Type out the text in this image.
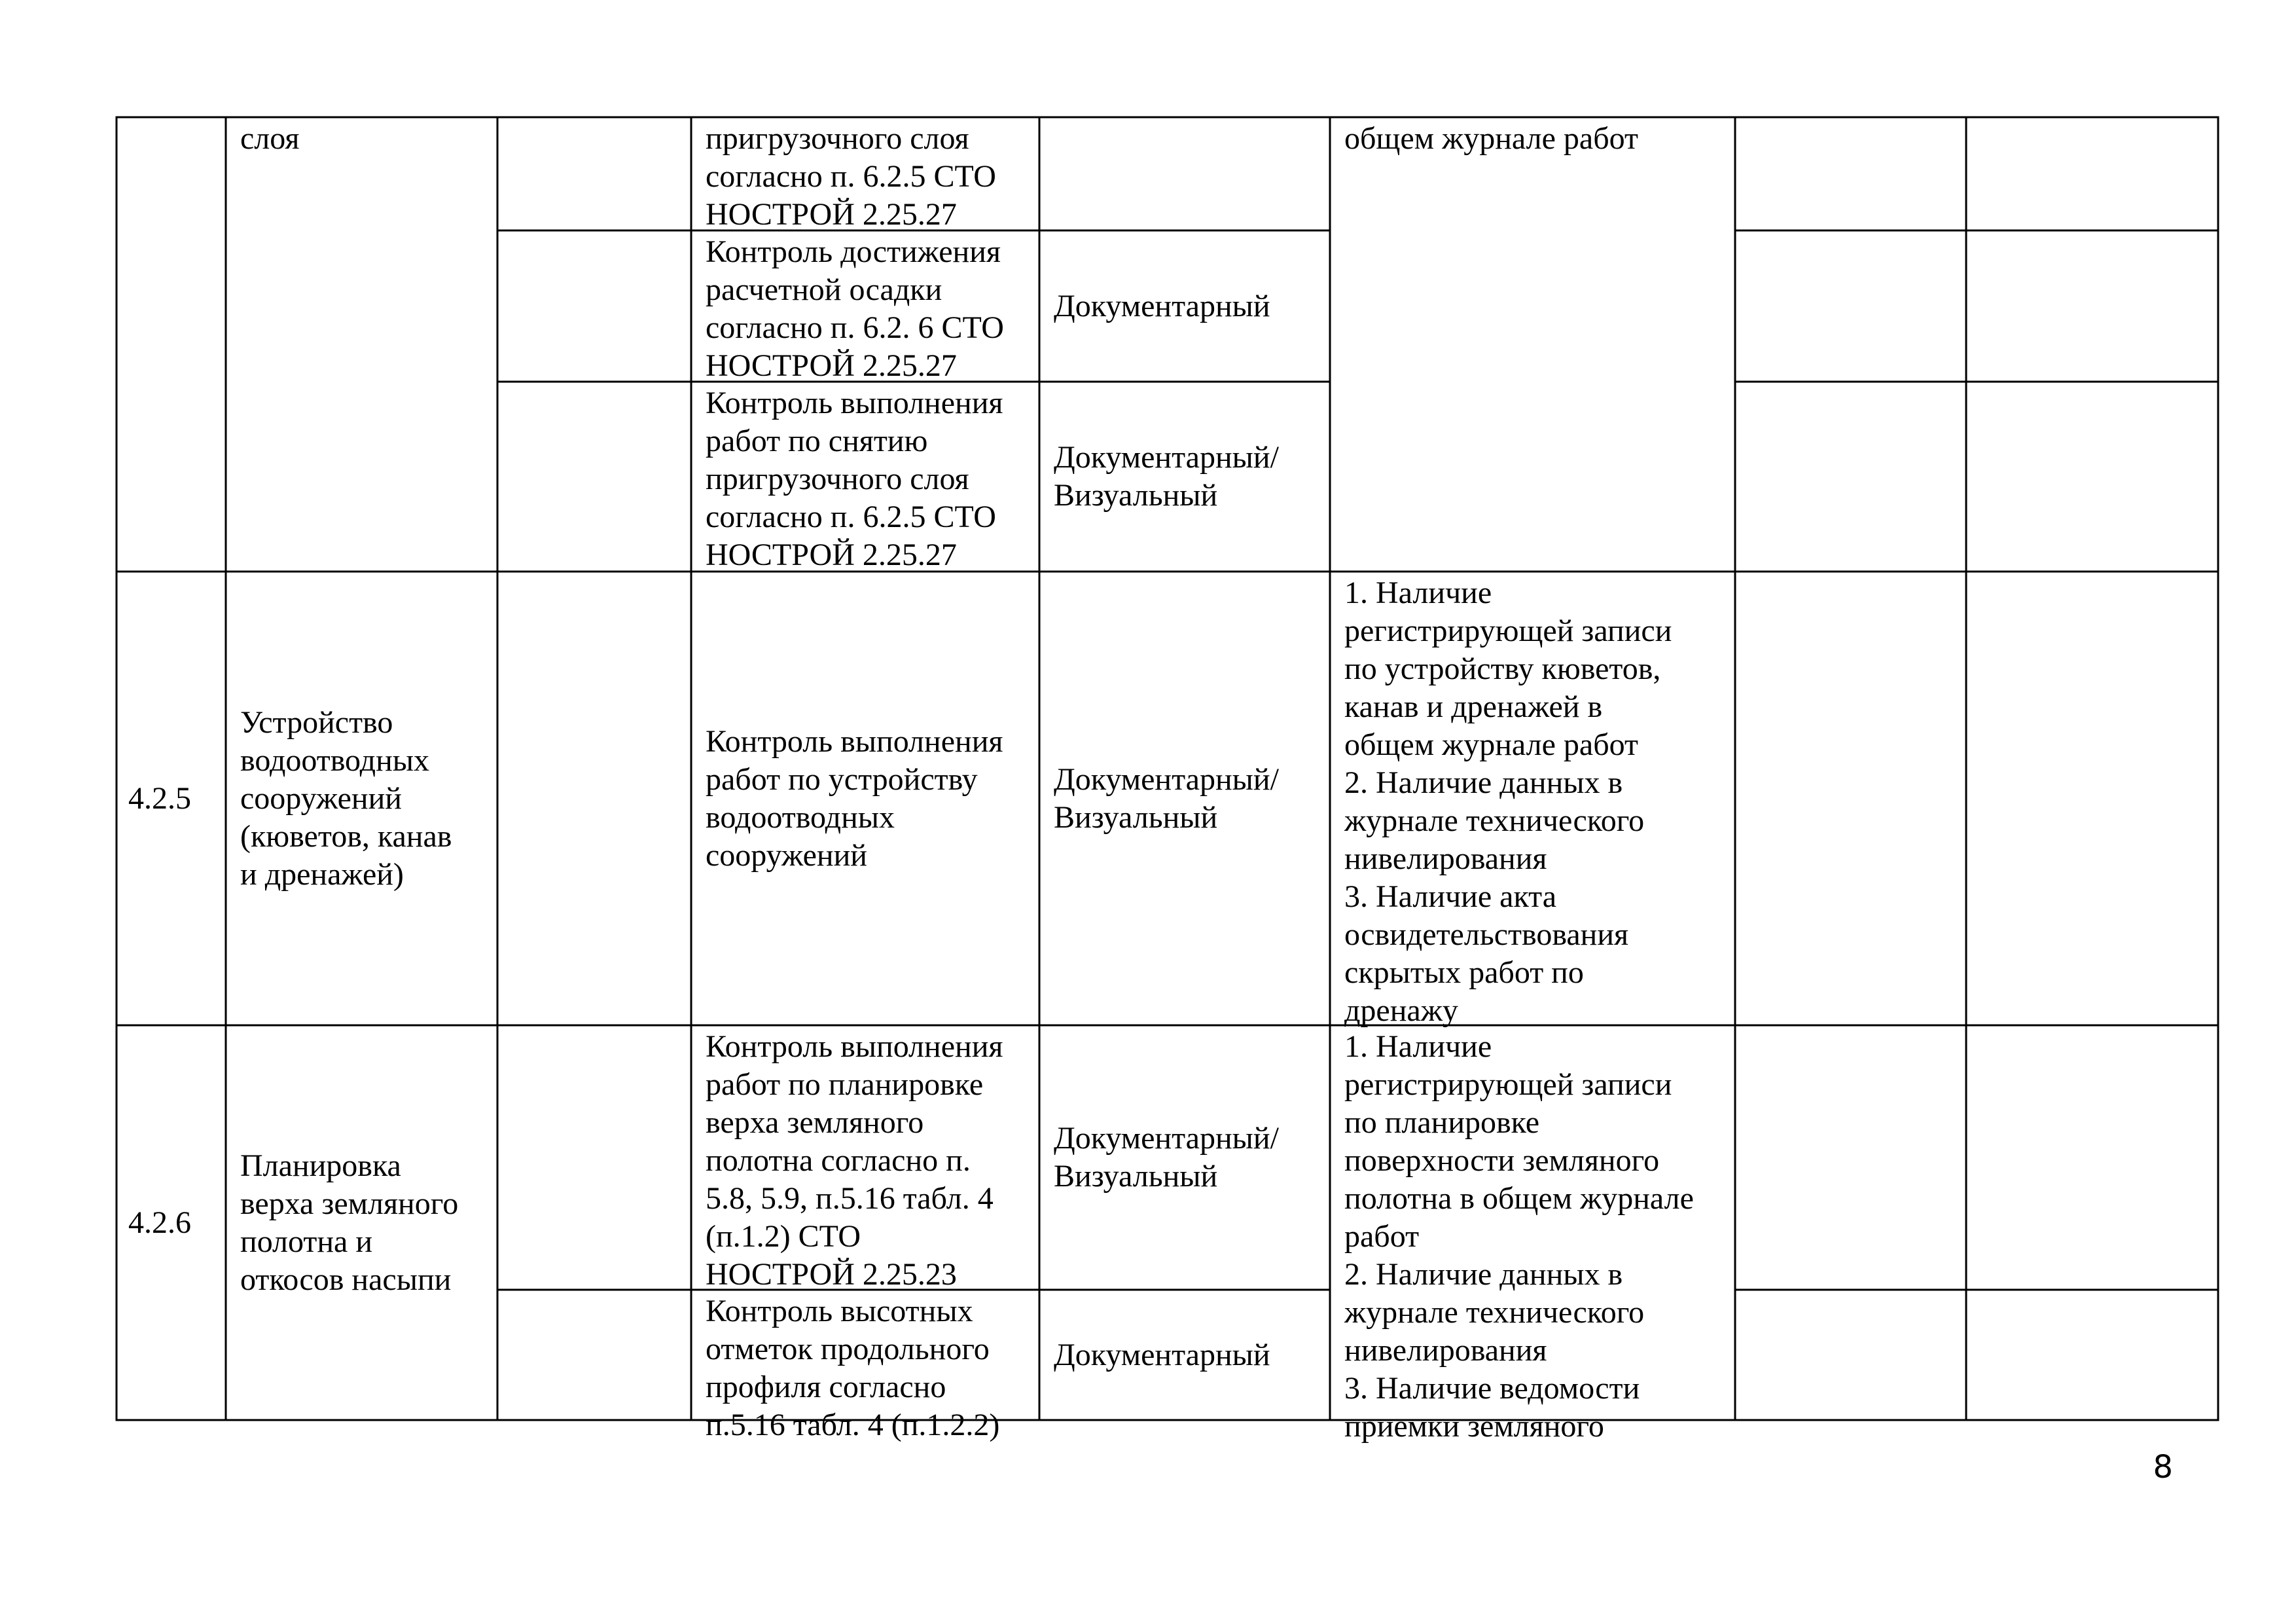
слоя	пригрузочного слоя
согласно п. 6.2.5 СТО
НОСТРОЙ 2.25.27
общем журнале работ
Контроль достижения
расчетной осадки
согласно п. 6.2. 6 СТО
НОСТРОЙ 2.25.27
Документарный
Контроль выполнения
работ по снятию
пригрузочного слоя
согласно п. 6.2.5 СТО
НОСТРОЙ 2.25.27
Документарный/
Визуальный
4.2.5
Устройство
водоотводных
сооружений
(кюветов, канав
и дренажей)
Контроль выполнения
работ по устройству
водоотводных
сооружений
Документарный/
Визуальный
1. Наличие
регистрирующей записи
по устройству кюветов,
канав и дренажей в
общем журнале работ
2. Наличие данных в
журнале технического
нивелирования
3. Наличие акта
освидетельствования
скрытых работ по
дренажу
4.2.6
Планировка
верха земляного
полотна и
откосов насыпи
Контроль выполнения
работ по планировке
верха земляного
полотна согласно п.
5.8, 5.9, п.5.16 табл. 4
(п.1.2) СТО
НОСТРОЙ 2.25.23
Документарный/
Визуальный
1. Наличие
регистрирующей записи
по планировке
поверхности земляного
полотна в общем журнале
работ
2. Наличие данных в
журнале технического
нивелирования
3. Наличие ведомости
приемки земляного
Контроль высотных
отметок продольного
профиля согласно
п.5.16 табл. 4 (п.1.2.2)
Документарный
8
